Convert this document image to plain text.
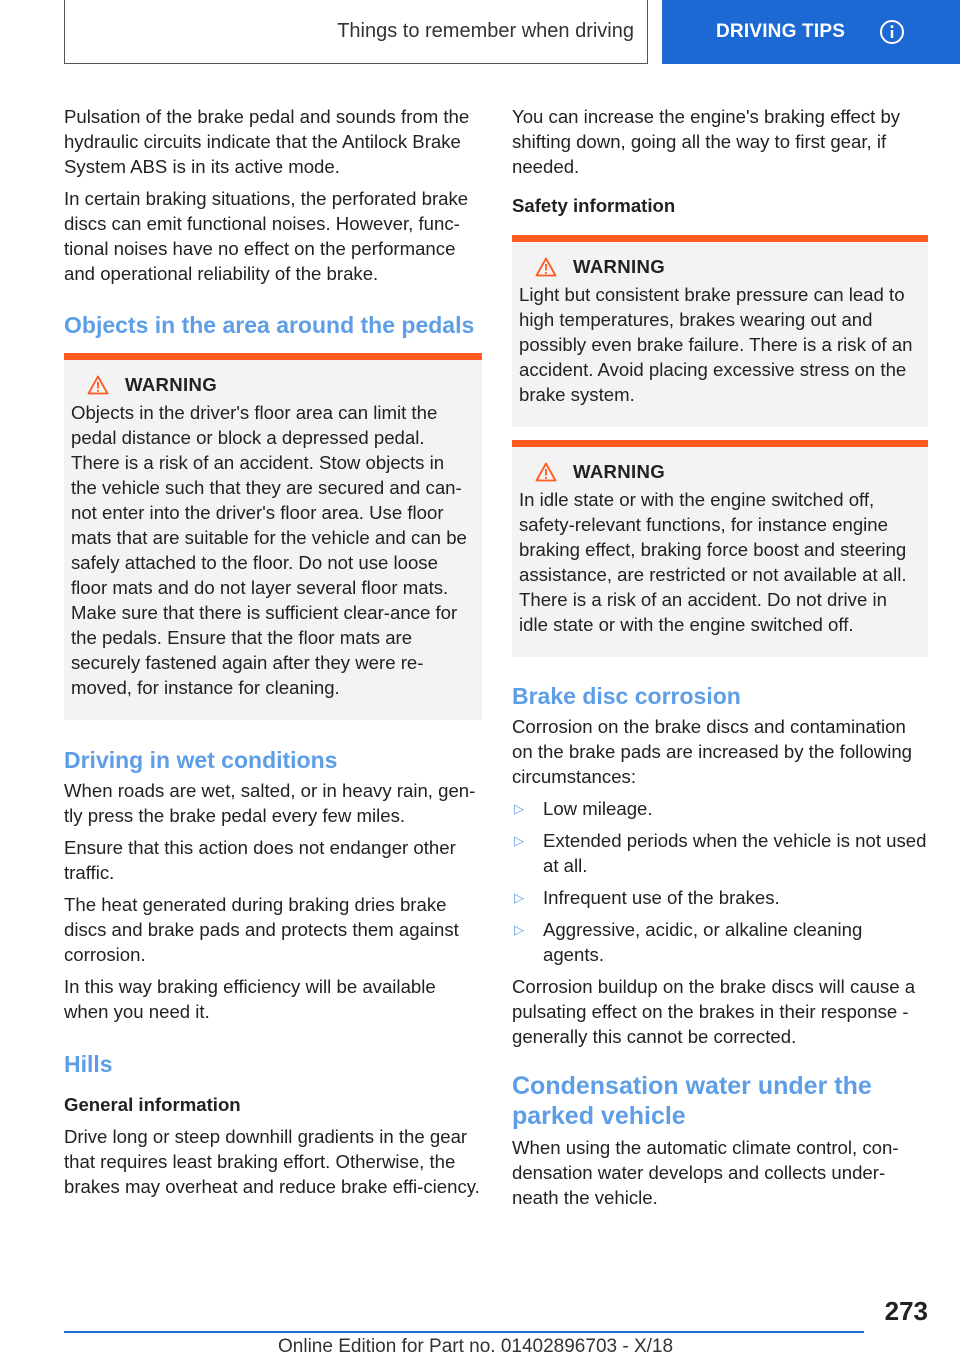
Things to remember when driving	DRIVING TIPS

Pulsation of the brake pedal and sounds from the hydraulic circuits indicate that the Antilock Brake System ABS is in its active mode.

In certain braking situations, the perforated brake discs can emit functional noises. However, func-tional noises have no effect on the performance and operational reliability of the brake.

Objects in the area around the pedals
WARNING

Objects in the driver's floor area can limit the pedal distance or block a depressed pedal. There is a risk of an accident. Stow objects in the vehicle such that they are secured and can-not enter into the driver's floor area. Use floor mats that are suitable for the vehicle and can be safely attached to the floor. Do not use loose floor mats and do not layer several floor mats. Make sure that there is sufficient clear-ance for the pedals. Ensure that the floor mats are securely fastened again after they were re-moved, for instance for cleaning.

Driving in wet conditions

When roads are wet, salted, or in heavy rain, gen-tly press the brake pedal every few miles.

Ensure that this action does not endanger other traffic.

The heat generated during braking dries brake discs and brake pads and protects them against corrosion.

In this way braking efficiency will be available when you need it.

Hills
General information

Drive long or steep downhill gradients in the gear that requires least braking effort. Otherwise, the brakes may overheat and reduce brake effi-ciency.

You can increase the engine's braking effect by shifting down, going all the way to first gear, if needed.

Safety information
WARNING

Light but consistent brake pressure can lead to high temperatures, brakes wearing out and possibly even brake failure. There is a risk of an accident. Avoid placing excessive stress on the brake system.

WARNING

In idle state or with the engine switched off, safety-relevant functions, for instance engine braking effect, braking force boost and steering assistance, are restricted or not available at all. There is a risk of an accident. Do not drive in idle state or with the engine switched off.

Brake disc corrosion

Corrosion on the brake discs and contamination on the brake pads are increased by the following circumstances:

▷	Low mileage.
▷	Extended periods when the vehicle is not used at all.
▷	Infrequent use of the brakes.
▷	Aggressive, acidic, or alkaline cleaning agents.

Corrosion buildup on the brake discs will cause a pulsating effect on the brakes in their response - generally this cannot be corrected.

Condensation water under the parked vehicle

When using the automatic climate control, con-densation water develops and collects under-neath the vehicle.

273
Online Edition for Part no. 01402896703 - X/18
